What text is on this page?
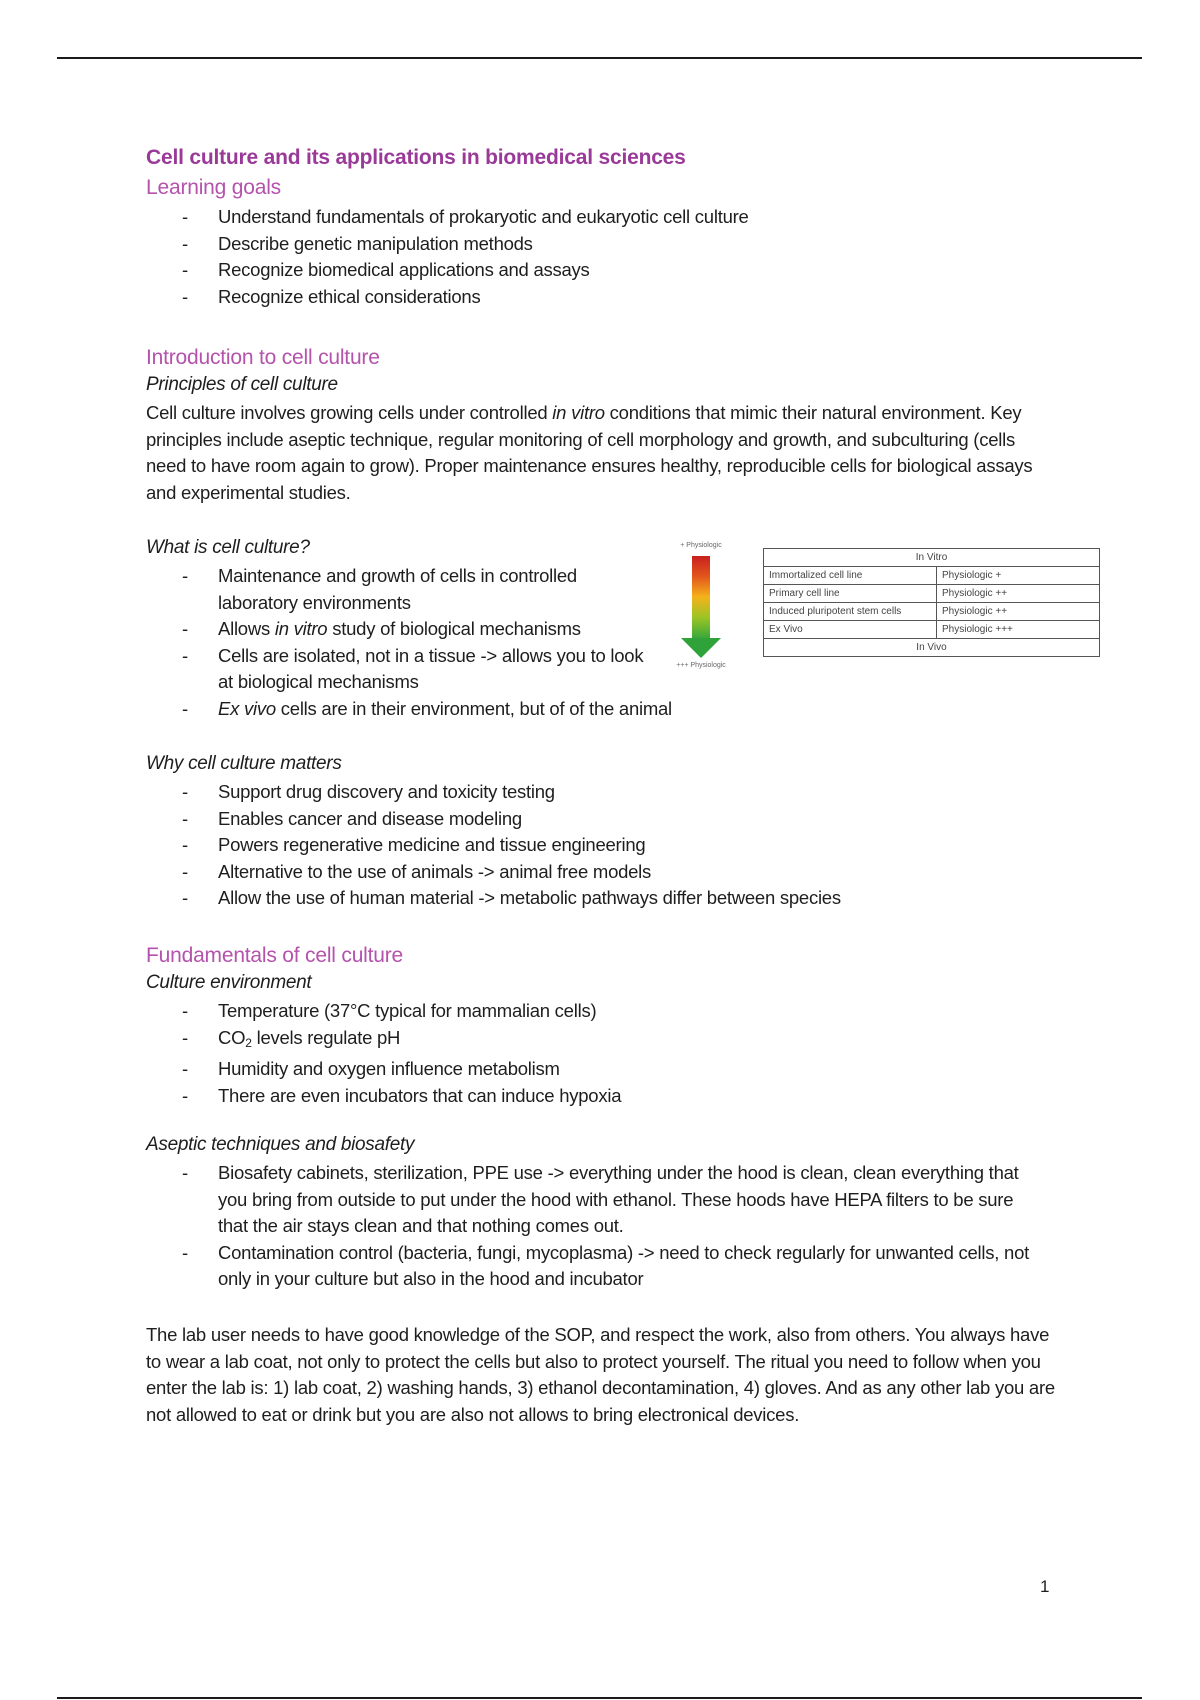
Cell culture and its applications in biomedical sciences
Learning goals
- Understand fundamentals of prokaryotic and eukaryotic cell culture
- Describe genetic manipulation methods
- Recognize biomedical applications and assays
- Recognize ethical considerations
Introduction to cell culture
Principles of cell culture
Cell culture involves growing cells under controlled in vitro conditions that mimic their natural environment. Key principles include aseptic technique, regular monitoring of cell morphology and growth, and subculturing (cells need to have room again to grow). Proper maintenance ensures healthy, reproducible cells for biological assays and experimental studies.
What is cell culture?
- Maintenance and growth of cells in controlled laboratory environments
- Allows in vitro study of biological mechanisms
- Cells are isolated, not in a tissue -> allows you to look at biological mechanisms
- Ex vivo cells are in their environment, but of of the animal
+ Physiologic
+++ Physiologic
In Vitro	
Immortalized cell line	Physiologic +
Primary cell line	Physiologic ++
Induced pluripotent stem cells	Physiologic ++
Ex Vivo	Physiologic +++
In Vivo	
Why cell culture matters
- Support drug discovery and toxicity testing
- Enables cancer and disease modeling
- Powers regenerative medicine and tissue engineering
- Alternative to the use of animals -> animal free models
- Allow the use of human material -> metabolic pathways differ between species
Fundamentals of cell culture
Culture environment
- Temperature (37°C typical for mammalian cells)
- $CO_2$ levels regulate pH
- Humidity and oxygen influence metabolism
- There are even incubators that can induce hypoxia
Aseptic techniques and biosafety
- Biosafety cabinets, sterilization, PPE use -> everything under the hood is clean, clean everything that you bring from outside to put under the hood with ethanol. These hoods have HEPA filters to be sure that the air stays clean and that nothing comes out.
- Contamination control (bacteria, fungi, mycoplasma) -> need to check regularly for unwanted cells, not only in your culture but also in the hood and incubator
The lab user needs to have good knowledge of the SOP, and respect the work, also from others. You always have to wear a lab coat, not only to protect the cells but also to protect yourself. The ritual you need to follow when you enter the lab is: 1) lab coat, 2) washing hands, 3) ethanol decontamination, 4) gloves. And as any other lab you are not allowed to eat or drink but you are also not allows to bring electronical devices.
1
